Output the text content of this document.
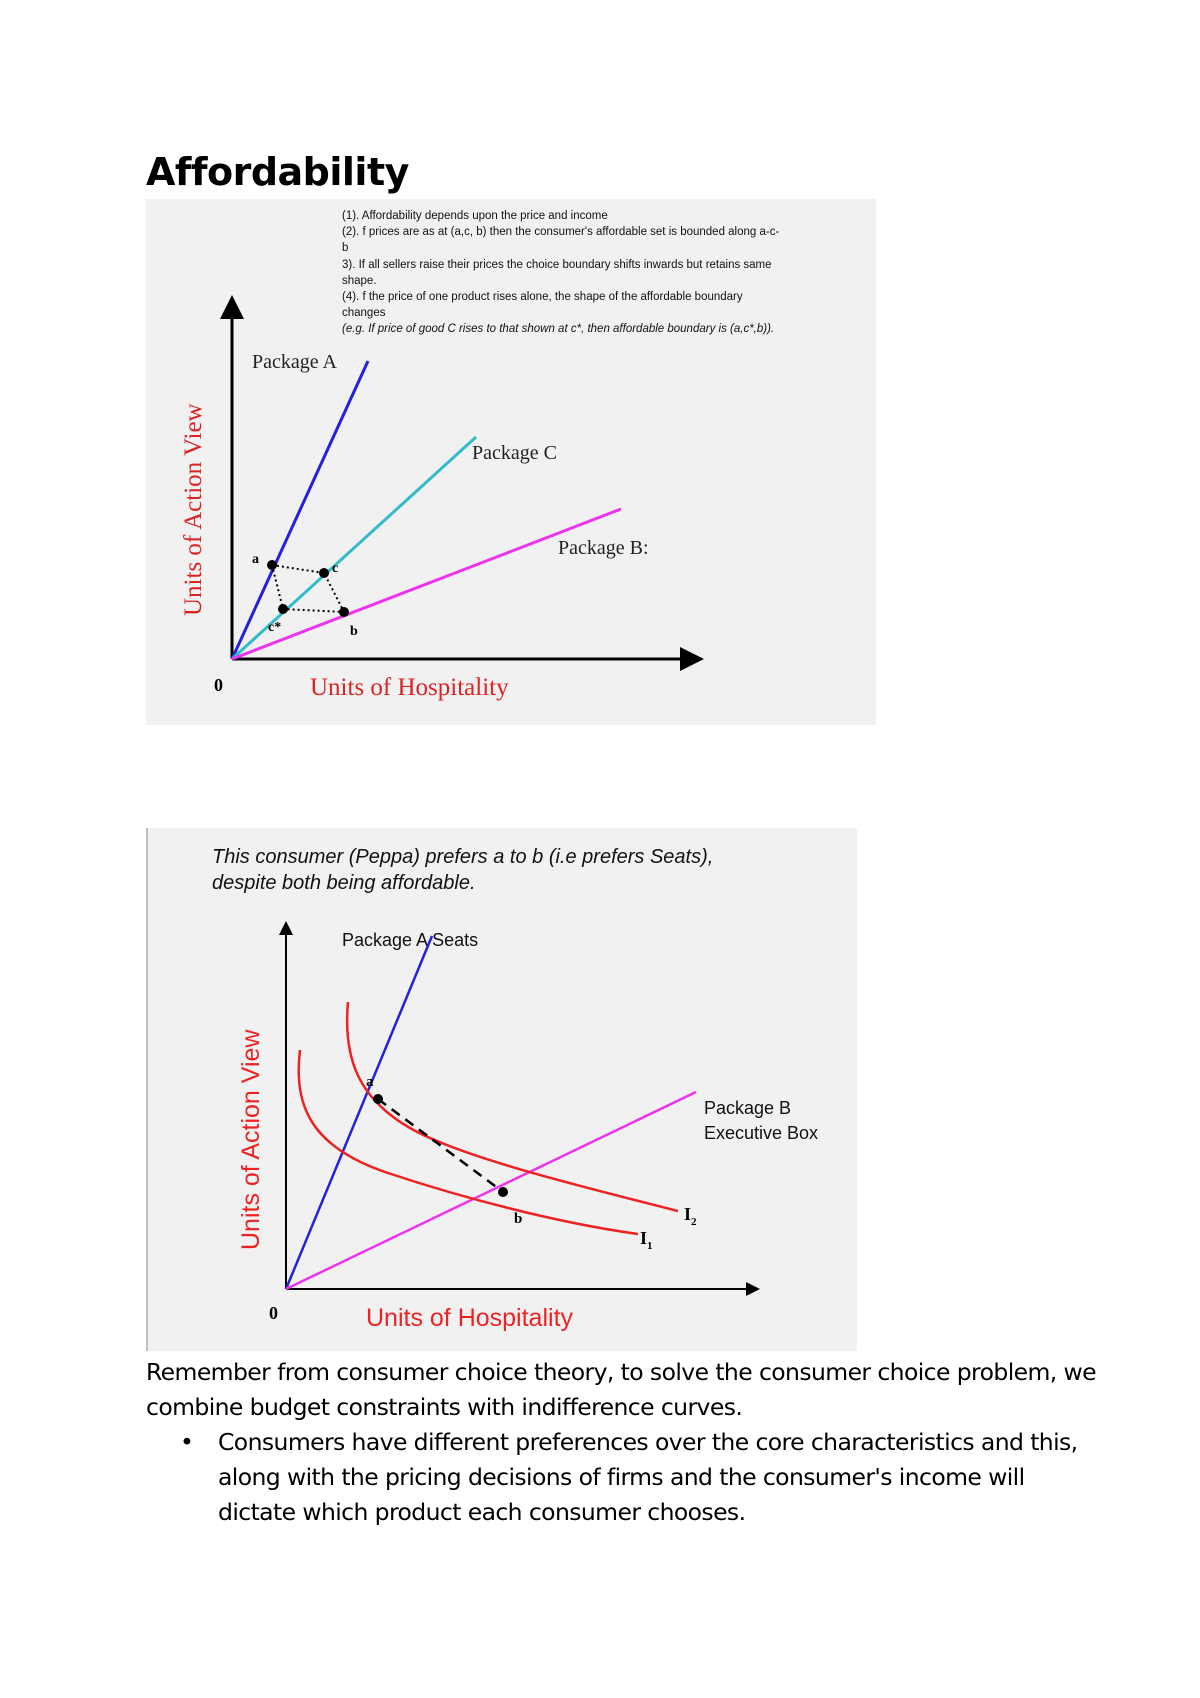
Affordability
a
c
c*	b
Package A
Package C
Package B:
0	Units of Hospitality
Units of Action View

(1). Affordability depends upon the price and income

(2). f prices are as at (a,c, b) then the consumer's affordable set is bounded along a-c-b

3). If all sellers raise their prices the choice boundary shifts inwards but retains same shape.

(4). f the price of one product rises alone, the shape of the affordable boundary changes

(e.g. If price of good C rises to that shown at c*, then affordable boundary is (a,c*,b)).

This consumer (Peppa) prefers a to b (i.e prefers Seats),
despite both being affordable.
a
b
Package A Seats
Package B
Executive Box
$I_2$
$I_1$
0	Units of Hospitality
Units of Action View

Remember from consumer choice theory, to solve the consumer choice problem, we combine budget constraints with indifference curves.

• Consumers have different preferences over the core characteristics and this, along with the pricing decisions of firms and the consumer's income will dictate which product each consumer chooses.
